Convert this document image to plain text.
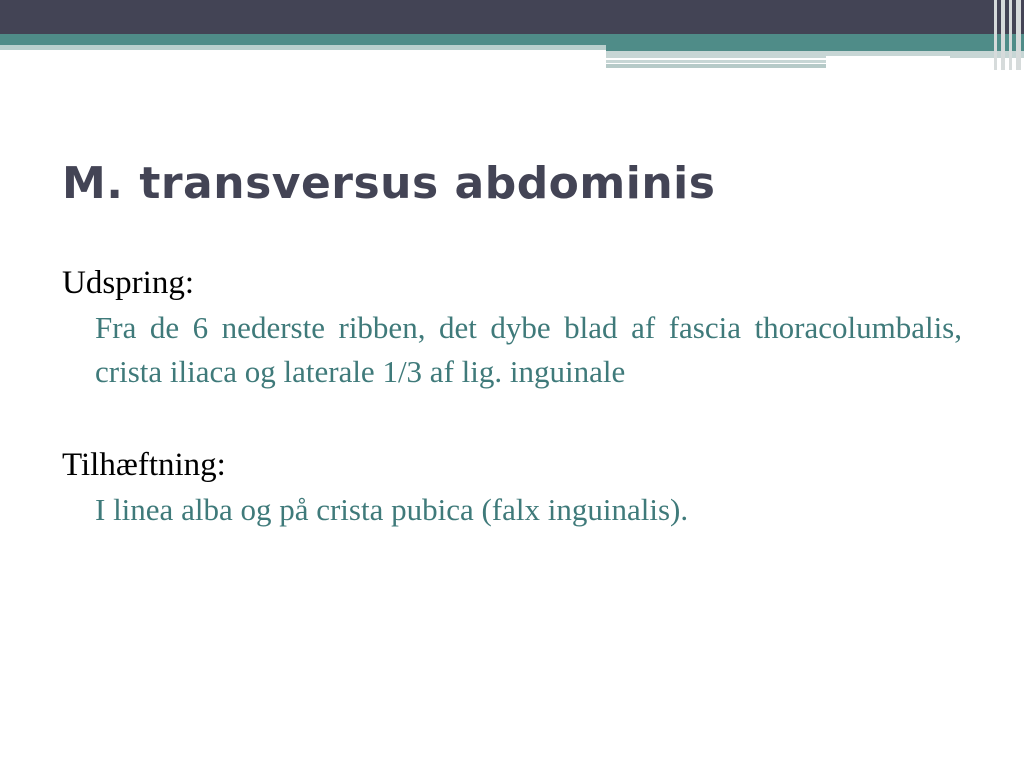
M. transversus abdominis

Udspring:

Fra de 6 nederste ribben, det dybe blad af fascia thoracolumbalis, crista iliaca og laterale 1/3 af lig. inguinale

Tilhæftning:

I linea alba og på crista pubica (falx inguinalis).
